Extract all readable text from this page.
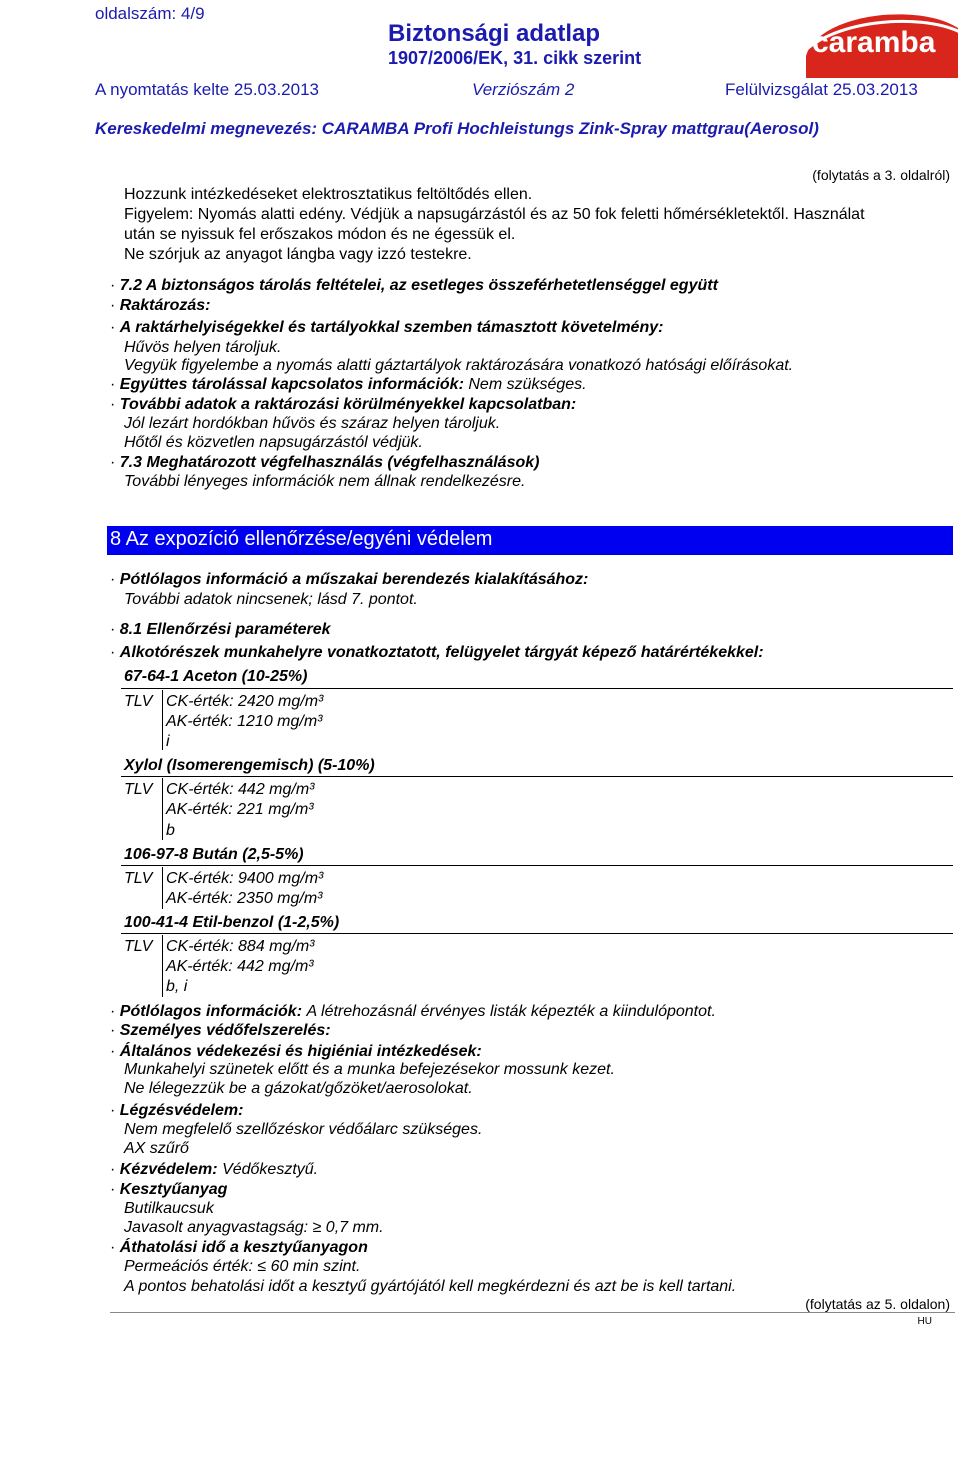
oldalszám: 4/9
Biztonsági adatlap
1907/2006/EK, 31. cikk szerint
A nyomtatás kelte 25.03.2013	Verziószám 2	Felülvizsgálat 25.03.2013
Kereskedelmi megnevezés: CARAMBA Profi Hochleistungs Zink-Spray mattgrau(Aerosol)
caramba
(folytatás a 3. oldalról)
Hozzunk intézkedéseket elektrosztatikus feltöltődés ellen.
Figyelem: Nyomás alatti edény. Védjük a napsugárzástól és az 50 fok feletti hőmérsékletektől. Használat
után se nyissuk fel erőszakos módon és ne égessük el.
Ne szórjuk az anyagot lángba vagy izzó testekre.
· 7.2 A biztonságos tárolás feltételei, az esetleges összeférhetetlenséggel együtt
· Raktározás:
· A raktárhelyiségekkel és tartályokkal szemben támasztott követelmény:
Hűvös helyen tároljuk.
Vegyük figyelembe a nyomás alatti gáztartályok raktározására vonatkozó hatósági előírásokat.
· Együttes tárolással kapcsolatos információk: Nem szükséges.
· További adatok a raktározási körülményekkel kapcsolatban:
Jól lezárt hordókban hűvös és száraz helyen tároljuk.
Hőtől és közvetlen napsugárzástól védjük.
· 7.3 Meghatározott végfelhasználás (végfelhasználások)
További lényeges információk nem állnak rendelkezésre.
8 Az expozíció ellenőrzése/egyéni védelem
· Pótlólagos információ a műszakai berendezés kialakításához:
További adatok nincsenek; lásd 7. pontot.
· 8.1 Ellenőrzési paraméterek
· Alkotórészek munkahelyre vonatkoztatott, felügyelet tárgyát képező határértékekkel:
67-64-1 Aceton (10-25%)
TLV CK-érték: 2420 mg/m³
AK-érték: 1210 mg/m³
i
Xylol (Isomerengemisch) (5-10%)
TLV CK-érték: 442 mg/m³
AK-érték: 221 mg/m³
b
106-97-8 Bután (2,5-5%)
TLV CK-érték: 9400 mg/m³
AK-érték: 2350 mg/m³
100-41-4 Etil-benzol (1-2,5%)
TLV CK-érték: 884 mg/m³
AK-érték: 442 mg/m³
b, i
· Pótlólagos információk: A létrehozásnál érvényes listák képezték a kiindulópontot.
· Személyes védőfelszerelés:
· Általános védekezési és higiéniai intézkedések:
Munkahelyi szünetek előtt és a munka befejezésekor mossunk kezet.
Ne lélegezzük be a gázokat/gőzöket/aerosolokat.
· Légzésvédelem:
Nem megfelelő szellőzéskor védőálarc szükséges.
AX szűrő
· Kézvédelem: Védőkesztyű.
· Kesztyűanyag
Butilkaucsuk
Javasolt anyagvastagság: ≥ 0,7 mm.
· Áthatolási idő a kesztyűanyagon
Permeációs érték: ≤ 60 min szint.
A pontos behatolási időt a kesztyű gyártójától kell megkérdezni és azt be is kell tartani.
(folytatás az 5. oldalon)
HU
